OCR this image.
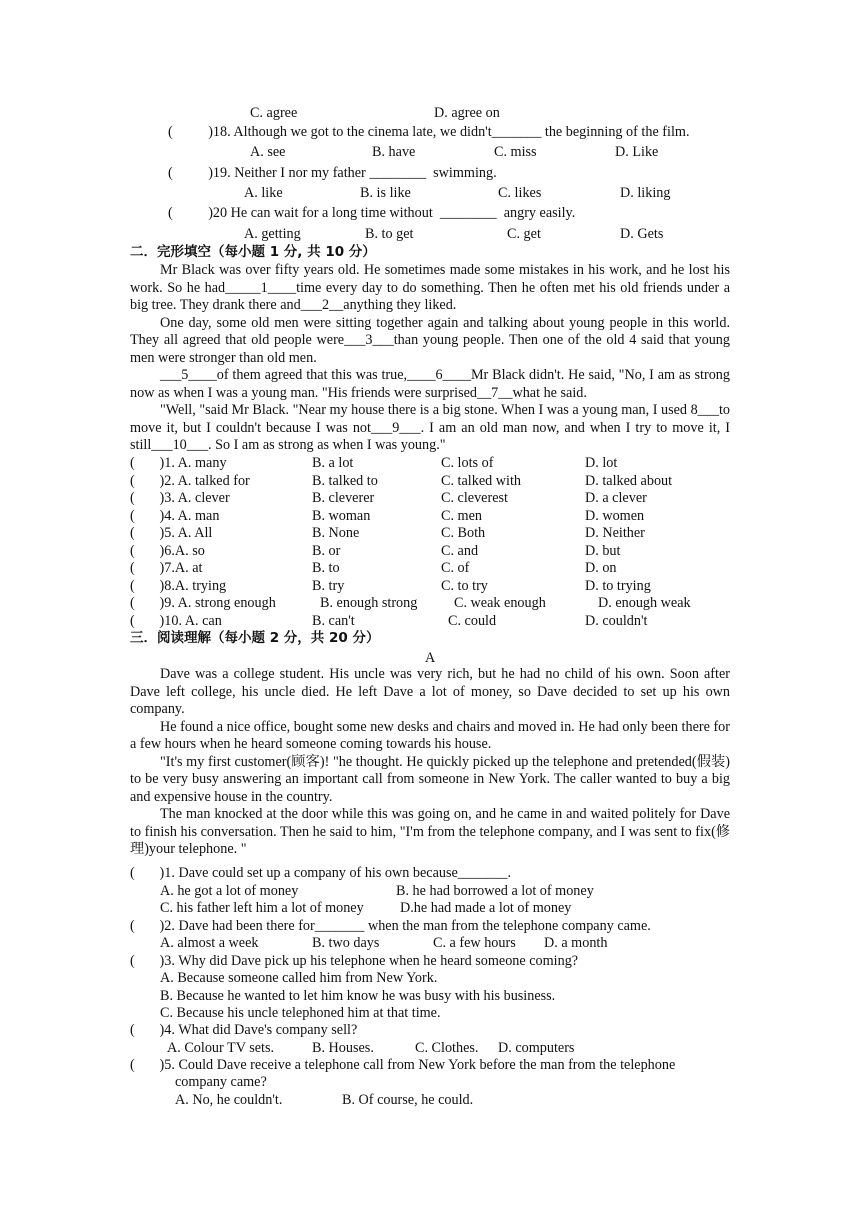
C. agree	D. agree on
(          )18. Although we got to the cinema late, we didn't_______ the beginning of the film.
A. see	B. have	C. miss	D. Like
(          )19. Neither I nor my father ________  swimming.
A. like	B. is like	C. likes	D. liking
(          )20 He can wait for a long time without  ________  angry easily.
A. getting	B. to get	C. get	D. Gets
二．完形填空（每小题 1 分, 共 10 分）

Mr Black was over fifty years old. He sometimes made some mistakes in his work, and he lost his work. So he had_____1____time every day to do something. Then he often met his old friends under a big tree. They drank there and___2__anything they liked.

One day, some old men were sitting together again and talking about young people in this world. They all agreed that old people were___3___than young people. Then one of the old 4 said that young men were stronger than old men.

___5____of them agreed that this was true,____6____Mr Black didn't. He said, "No, I am as strong now as when I was a young man. "His friends were surprised__7__what he said.

"Well, "said Mr Black. "Near my house there is a big stone. When I was a young man, I used 8___to move it, but I couldn't because I was not___9___. I am an old man now, and when I try to move it, I still___10___. So I am as strong as when I was young."

(       )1. A. many	B. a lot	C. lots of	D. lot
(       )2. A. talked for	B. talked to	C. talked with	D. talked about
(       )3. A. clever	B. cleverer	C. cleverest	D. a clever
(       )4. A. man	B. woman	C. men	D. women
(       )5. A. All	B. None	C. Both	D. Neither
(       )6.A. so	B. or	C. and	D. but
(       )7.A. at	B. to	C. of	D. on
(       )8.A. trying	B. try	C. to try	D. to trying
(       )9. A. strong enough	B. enough strong	C. weak enough	D. enough weak
(       )10. A. can	B. can't	C. could	D. couldn't
三．阅读理解（每小题 2 分，共 20 分）
A

Dave was a college student. His uncle was very rich, but he had no child of his own. Soon after Dave left college, his uncle died. He left Dave a lot of money, so Dave decided to set up his own company.

He found a nice office, bought some new desks and chairs and moved in. He had only been there for a few hours when he heard someone coming towards his house.

"It's my first customer(顾客)! "he thought. He quickly picked up the telephone and pretended(假装) to be very busy answering an important call from someone in New York. The caller wanted to buy a big and expensive house in the country.

The man knocked at the door while this was going on, and he came in and waited politely for Dave to finish his conversation. Then he said to him, "I'm from the telephone company, and I was sent to fix(修理)your telephone. "

(       )1. Dave could set up a company of his own because_______.
A. he got a lot of money	B. he had borrowed a lot of money
C. his father left him a lot of money	D.he had made a lot of money
(       )2. Dave had been there for_______ when the man from the telephone company came.
A. almost a week	B. two days	C. a few hours D. a month
(       )3. Why did Dave pick up his telephone when he heard someone coming?
A. Because someone called him from New York.
B. Because he wanted to let him know he was busy with his business.
C. Because his uncle telephoned him at that time.
(       )4. What did Dave's company sell?
A. Colour TV sets.	B. Houses.	C. Clothes. D. computers
(       )5. Could Dave receive a telephone call from New York before the man from the telephone
company came?
A. No, he couldn't.	B. Of course, he could.
